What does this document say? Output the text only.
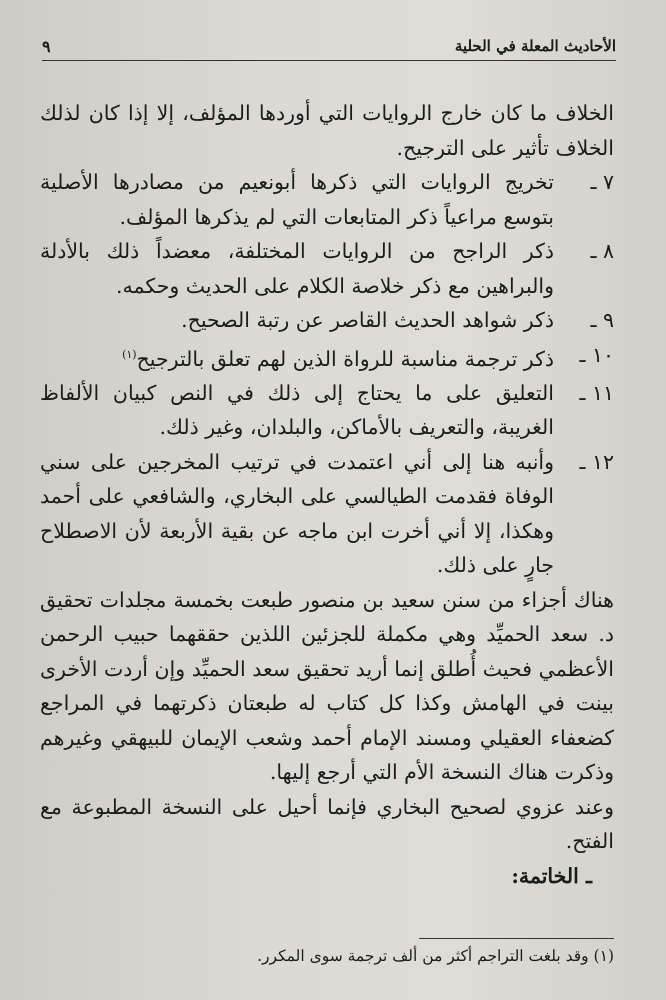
الأحاديث المعلة في الحلية
٩
الخلاف ما كان خارج الروايات التي أوردها المؤلف، إلا إذا كان لذلك الخلاف تأثير على الترجيح.
٧ ـ
تخريج الروايات التي ذكرها أبونعيم من مصادرها الأصلية بتوسع مراعياً ذكر المتابعات التي لم يذكرها المؤلف.
٨ ـ
ذكر الراجح من الروايات المختلفة، معضداً ذلك بالأدلة والبراهين مع ذكر خلاصة الكلام على الحديث وحكمه.
٩ ـ
ذكر شواهد الحديث القاصر عن رتبة الصحيح.
١٠ ـ
ذكر ترجمة مناسبة للرواة الذين لهم تعلق بالترجيح$^{(١)}$
١١ ـ
التعليق على ما يحتاج إلى ذلك في النص كبيان الألفاظ الغريبة، والتعريف بالأماكن، والبلدان، وغير ذلك.
١٢ ـ
وأنبه هنا إلى أني اعتمدت في ترتيب المخرجين على سني الوفاة فقدمت الطيالسي على البخاري، والشافعي على أحمد وهكذا، إلا أني أخرت ابن ماجه عن بقية الأربعة لأن الاصطلاح جارٍ على ذلك.
هناك أجزاء من سنن سعيد بن منصور طبعت بخمسة مجلدات تحقيق د. سعد الحميِّد وهي مكملة للجزئين اللذين حققهما حبيب الرحمن الأعظمي فحيث أُطلق إنما أريد تحقيق سعد الحميِّد وإن أردت الأخرى بينت في الهامش وكذا كل كتاب له طبعتان ذكرتهما في المراجع كضعفاء العقيلي ومسند الإمام أحمد وشعب الإيمان للبيهقي وغيرهم وذكرت هناك النسخة الأم التي أرجع إليها.
وعند عزوي لصحيح البخاري فإنما أحيل على النسخة المطبوعة مع الفتح.
ـ الخاتمة:
(١) وقد بلغت التراجم أكثر من ألف ترجمة سوى المكرر.
